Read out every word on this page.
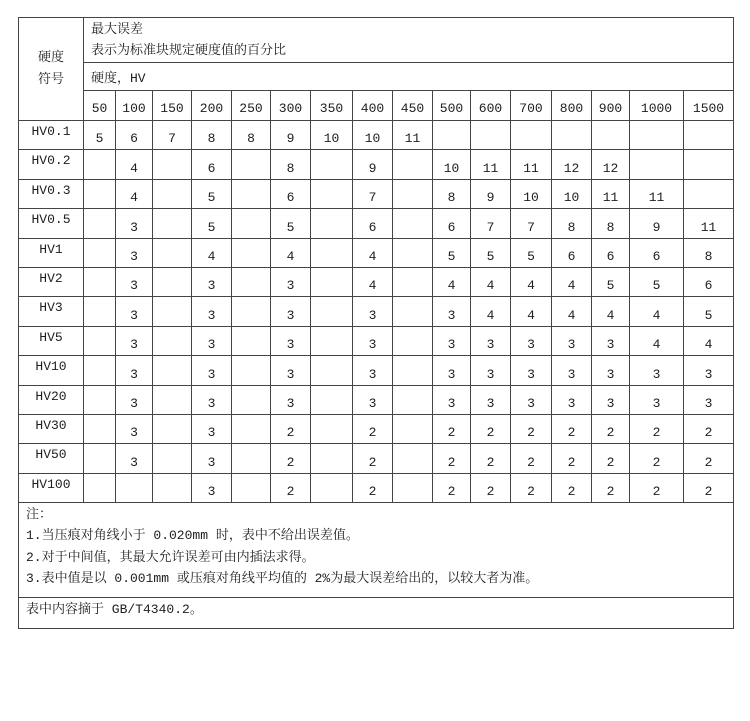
硬度
符号	最大误差
表示为标准块规定硬度值的百分比															

	硬度，HV															
	50	100	150	200	250	300	350	400	450	500	600	700	800	900	1000	1500
HV0.1	5	6	7	8	8	9	10	10	11							
HV0.2		4		6		8		9		10	11	11	12	12		
HV0.3		4		5		6		7		8	9	10	10	11	11	
HV0.5		3		5		5		6		6	7	7	8	8	9	11
HV1		3		4		4		4		5	5	5	6	6	6	8
HV2		3		3		3		4		4	4	4	4	5	5	6
HV3		3		3		3		3		3	4	4	4	4	4	5
HV5		3		3		3		3		3	3	3	3	3	4	4
HV10		3		3		3		3		3	3	3	3	3	3	3
HV20		3		3		3		3		3	3	3	3	3	3	3
HV30		3		3		2		2		2	2	2	2	2	2	2
HV50		3		3		2		2		2	2	2	2	2	2	2
HV100				3		2		2		2	2	2	2	2	2	2

注：
1.当压痕对角线小于 0.020mm 时，表中不给出误差值。
2.对于中间值，其最大允许误差可由内插法求得。
3.表中值是以 0.001mm 或压痕对角线平均值的 2%为最大误差给出的，以较大者为准。																

表中内容摘于 GB/T4340.2。																
